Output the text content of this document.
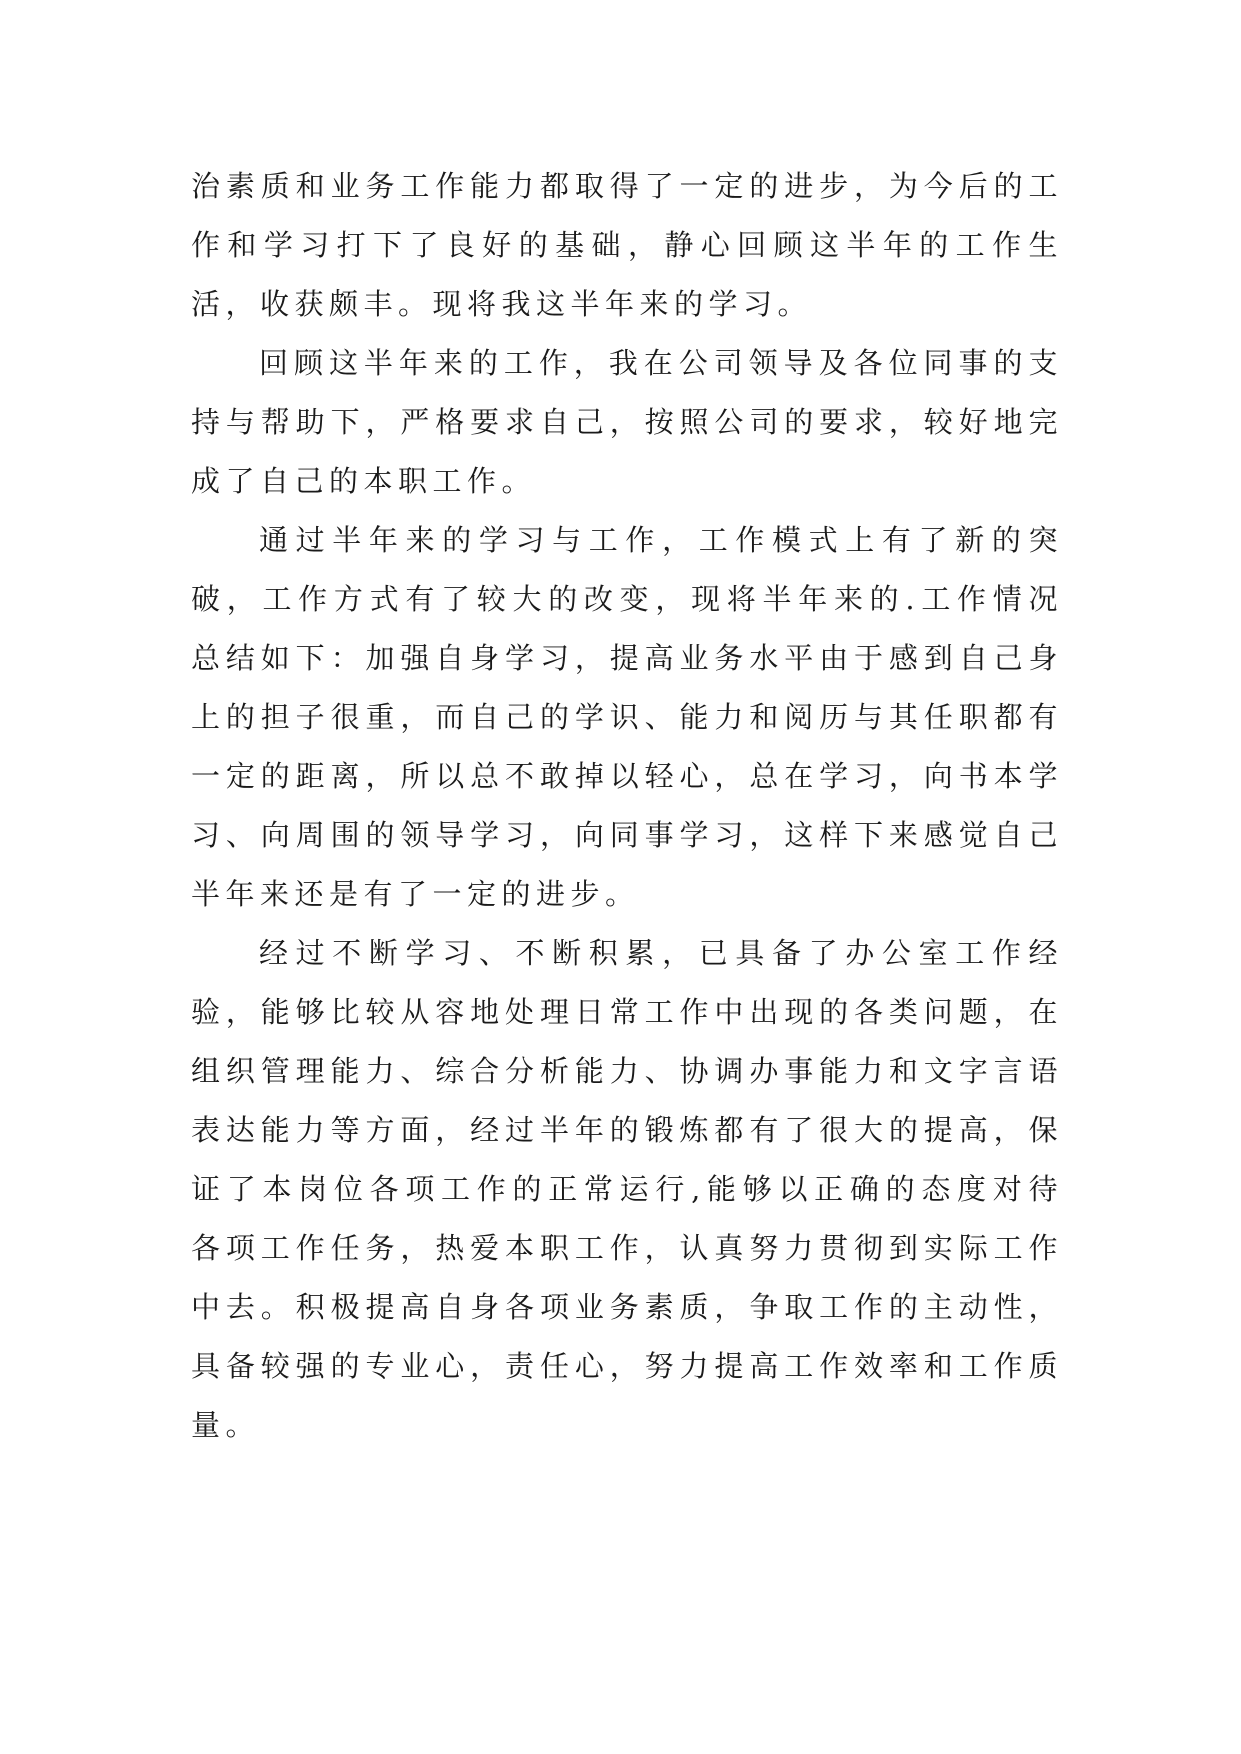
治素质和业务工作能力都取得了一定的进步，为今后的工作和学习打下了良好的基础，静心回顾这半年的工作生活，收获颇丰。现将我这半年来的学习。

回顾这半年来的工作，我在公司领导及各位同事的支持与帮助下，严格要求自己，按照公司的要求，较好地完成了自己的本职工作。

通过半年来的学习与工作，工作模式上有了新的突破，工作方式有了较大的改变，现将半年来的.工作情况总结如下：加强自身学习，提高业务水平由于感到自己身上的担子很重，而自己的学识、能力和阅历与其任职都有一定的距离，所以总不敢掉以轻心，总在学习，向书本学习、向周围的领导学习，向同事学习，这样下来感觉自己半年来还是有了一定的进步。

经过不断学习、不断积累，已具备了办公室工作经验，能够比较从容地处理日常工作中出现的各类问题，在组织管理能力、综合分析能力、协调办事能力和文字言语表达能力等方面，经过半年的锻炼都有了很大的提高，保证了本岗位各项工作的正常运行,能够以正确的态度对待各项工作任务，热爱本职工作，认真努力贯彻到实际工作中去。积极提高自身各项业务素质，争取工作的主动性，具备较强的专业心，责任心，努力提高工作效率和工作质量。
